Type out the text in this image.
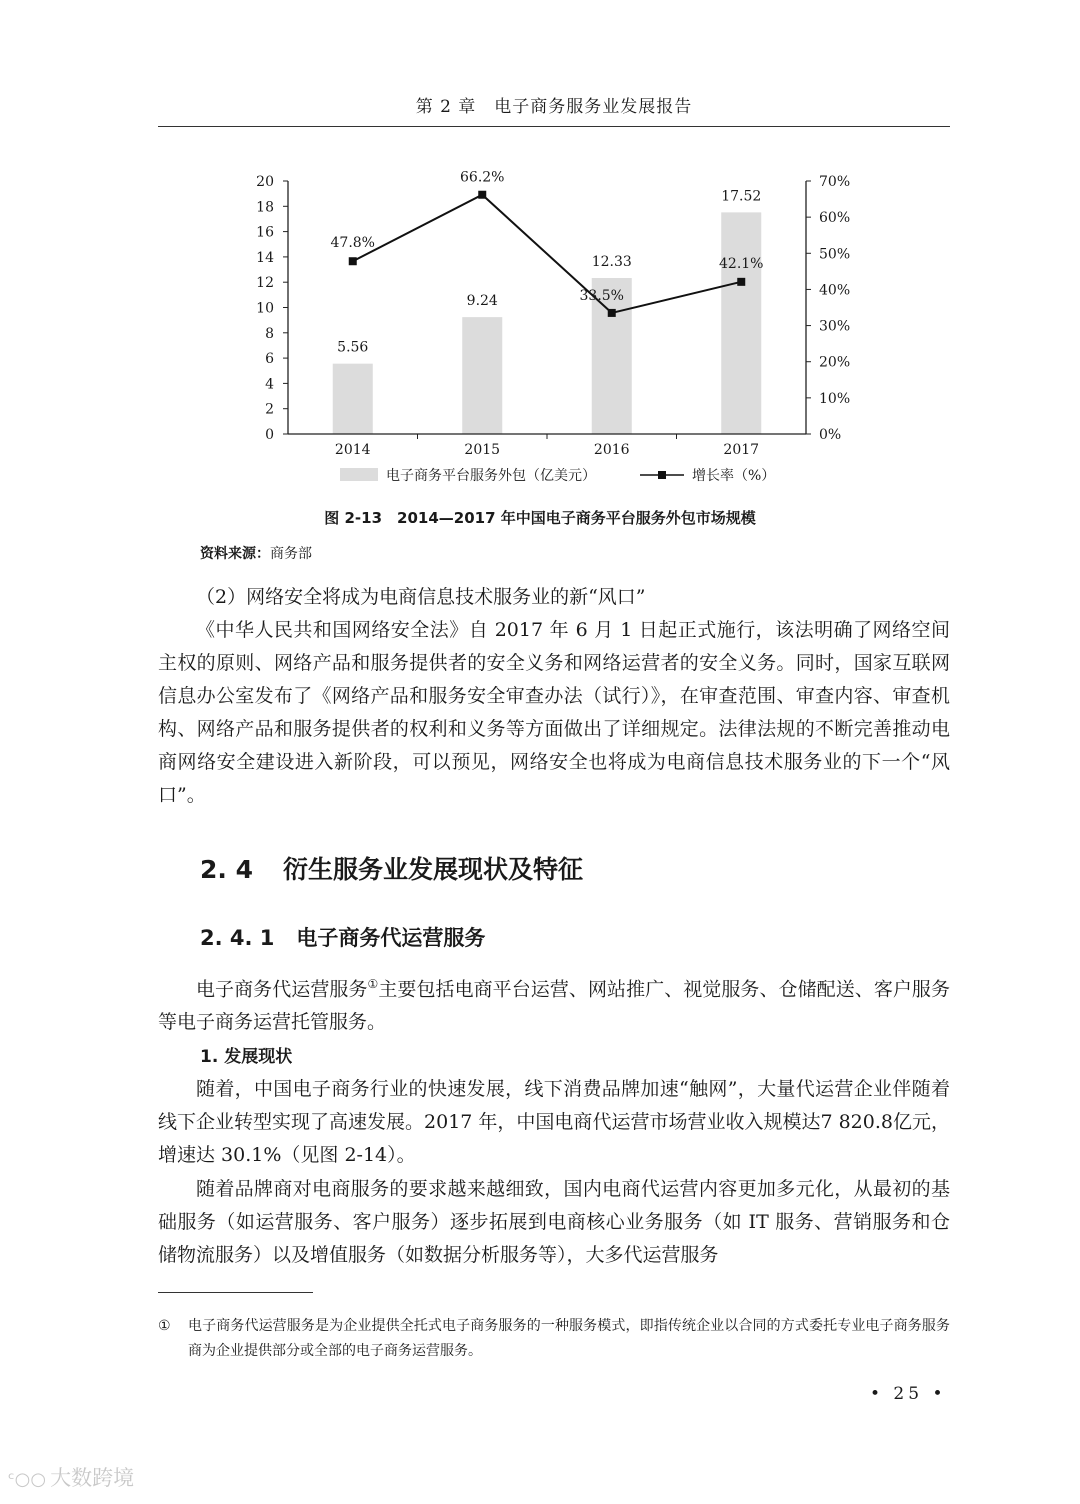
第 2 章　电子商务服务业发展报告
5.56
9.24
12.33
17.52
0
2
4
6
8
10
12
14
16
18
20
0%
10%
20%
30%
40%
50%
60%
70%
2014	2015	2016	2017
47.8%
66.2%
33.5%
42.1%
电子商务平台服务外包（亿美元）	增长率（%）
图 2-13　2014—2017 年中国电子商务平台服务外包市场规模
资料来源：商务部
（2）网络安全将成为电商信息技术服务业的新“风口”
《中华人民共和国网络安全法》自 2017 年 6 月 1 日起正式施行，该法明确了网络空间主权的原则、网络产品和服务提供者的安全义务和网络运营者的安全义务。同时，国家互联网信息办公室发布了《网络产品和服务安全审查办法（试行）》，在审查范围、审查内容、审查机构、网络产品和服务提供者的权利和义务等方面做出了详细规定。法律法规的不断完善推动电商网络安全建设进入新阶段，可以预见，网络安全也将成为电商信息技术服务业的下一个“风口”。
2. 4 衍生服务业发展现状及特征
2. 4. 1 电子商务代运营服务
电子商务代运营服务①主要包括电商平台运营、网站推广、视觉服务、仓储配送、客户服务等电子商务运营托管服务。
1. 发展现状
随着，中国电子商务行业的快速发展，线下消费品牌加速“触网”，大量代运营企业伴随着线下企业转型实现了高速发展。2017 年，中国电商代运营市场营业收入规模达7 820.8亿元，增速达 30.1%（见图 2-14）。
随着品牌商对电商服务的要求越来越细致，国内电商代运营内容更加多元化，从最初的基础服务（如运营服务、客户服务）逐步拓展到电商核心业务服务（如 IT 服务、营销服务和仓储物流服务）以及增值服务（如数据分析服务等），大多代运营服务
① 电子商务代运营服务是为企业提供全托式电子商务服务的一种服务模式，即指传统企业以合同的方式委托专业电子商务服务商为企业提供部分或全部的电子商务运营服务。
• 25 •
ᶜ○○ 大数跨境
